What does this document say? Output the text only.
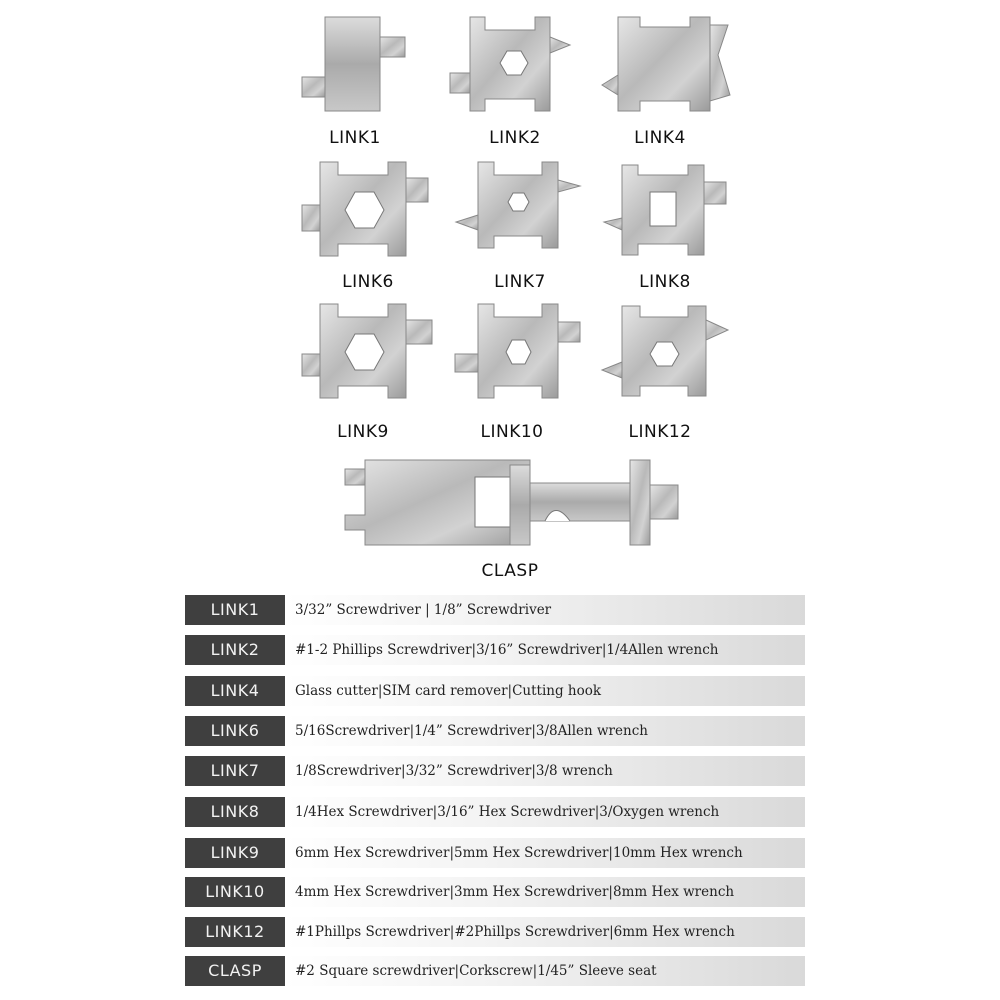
LINK1	LINK2	LINK4
LINK6	LINK7	LINK8
LINK9	LINK10	LINK12
CLASP
LINK1	3/32” Screwdriver | 1/8” Screwdriver
LINK2	#1-2 Phillips Screwdriver|3/16” Screwdriver|1/4Allen wrench
LINK4	Glass cutter|SIM card remover|Cutting hook
LINK6	5/16Screwdriver|1/4” Screwdriver|3/8Allen wrench
LINK7	1/8Screwdriver|3/32” Screwdriver|3/8 wrench
LINK8	1/4Hex Screwdriver|3/16” Hex Screwdriver|3/Oxygen wrench
LINK9	6mm Hex Screwdriver|5mm Hex Screwdriver|10mm Hex wrench
LINK10	4mm Hex Screwdriver|3mm Hex Screwdriver|8mm Hex wrench
LINK12	#1Phillps Screwdriver|#2Phillps Screwdriver|6mm Hex wrench
CLASP	#2 Square screwdriver|Corkscrew|1/45” Sleeve seat
